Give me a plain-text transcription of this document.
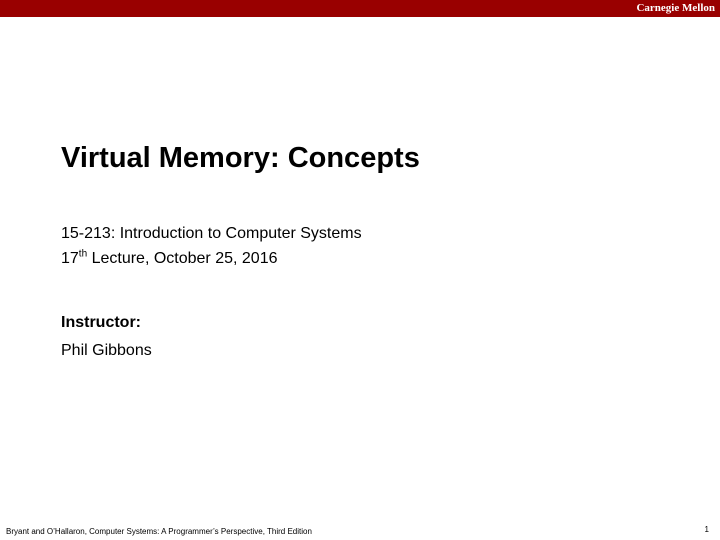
Carnegie Mellon
Virtual Memory: Concepts
15-213: Introduction to Computer Systems
17th Lecture, October 25, 2016
Instructor:
Phil Gibbons
Bryant and O’Hallaron, Computer Systems: A Programmer’s Perspective, Third Edition	1
